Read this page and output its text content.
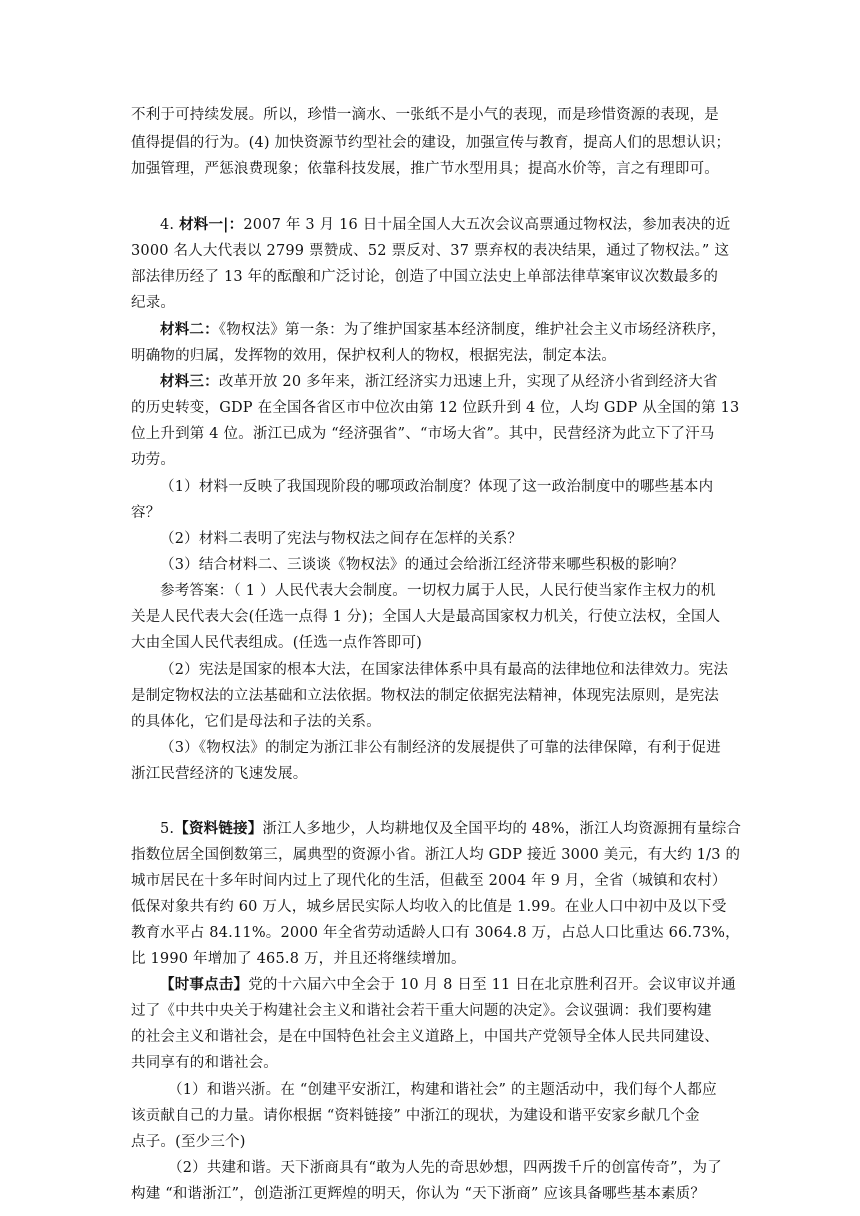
不利于可持续发展。所以，珍惜一滴水、一张纸不是小气的表现，而是珍惜资源的表现，是
值得提倡的行为。(4) 加快资源节约型社会的建设，加强宣传与教育，提高人们的思想认识；
加强管理，严惩浪费现象；依靠科技发展，推广节水型用具；提高水价等，言之有理即可。
4. 材料一|：2007 年 3 月 16 日十届全国人大五次会议高票通过物权法，参加表决的近
3000 名人大代表以 2799 票赞成、52 票反对、37 票弃权的表决结果，通过了物权法。” 这
部法律历经了 13 年的酝酿和广泛讨论，创造了中国立法史上单部法律草案审议次数最多的
纪录。
材料二：《物权法》第一条：为了维护国家基本经济制度，维护社会主义市场经济秩序，
明确物的归属，发挥物的效用，保护权利人的物权，根据宪法，制定本法。
材料三：改革开放 20 多年来，浙江经济实力迅速上升，实现了从经济小省到经济大省
的历史转变，GDP 在全国各省区市中位次由第 12 位跃升到 4 位，人均 GDP 从全国的第 13
位上升到第 4 位。浙江已成为 “经济强省”、“市场大省”。其中，民营经济为此立下了汗马
功劳。
（1）材料一反映了我国现阶段的哪项政治制度？体现了这一政治制度中的哪些基本内
容？
（2）材料二表明了宪法与物权法之间存在怎样的关系？
（3）结合材料二、三谈谈《物权法》的通过会给浙江经济带来哪些积极的影响？
参考答案：（ 1 ）人民代表大会制度。一切权力属于人民，人民行使当家作主权力的机
关是人民代表大会(任选一点得 1 分)；全国人大是最高国家权力机关，行使立法权，全国人
大由全国人民代表组成。(任选一点作答即可)
（2）宪法是国家的根本大法，在国家法律体系中具有最高的法律地位和法律效力。宪法
是制定物权法的立法基础和立法依据。物权法的制定依据宪法精神，体现宪法原则，是宪法
的具体化，它们是母法和子法的关系。
（3）《物权法》的制定为浙江非公有制经济的发展提供了可靠的法律保障，有利于促进
浙江民营经济的飞速发展。
5.【资料链接】浙江人多地少，人均耕地仅及全国平均的 48%，浙江人均资源拥有量综合
指数位居全国倒数第三，属典型的资源小省。浙江人均 GDP 接近 3000 美元，有大约 1/3 的
城市居民在十多年时间内过上了现代化的生活，但截至 2004 年 9 月，全省（城镇和农村）
低保对象共有约 60 万人，城乡居民实际人均收入的比值是 1.99。在业人口中初中及以下受
教育水平占 84.11%。2000 年全省劳动适龄人口有 3064.8 万，占总人口比重达 66.73%，
比 1990 年增加了 465.8 万，并且还将继续增加。
【时事点击】党的十六届六中全会于 10 月 8 日至 11 日在北京胜利召开。会议审议并通
过了《中共中央关于构建社会主义和谐社会若干重大问题的决定》。会议强调：我们要构建
的社会主义和谐社会，是在中国特色社会主义道路上，中国共产党领导全体人民共同建设、
共同享有的和谐社会。
（1）和谐兴浙。在 “创建平安浙江，构建和谐社会” 的主题活动中，我们每个人都应
该贡献自己的力量。请你根据 “资料链接” 中浙江的现状，为建设和谐平安家乡献几个金
点子。(至少三个)
（2）共建和谐。天下浙商具有“敢为人先的奇思妙想，四两拨千斤的创富传奇”，为了
构建 “和谐浙江”，创造浙江更辉煌的明天，你认为 “天下浙商” 应该具备哪些基本素质？
